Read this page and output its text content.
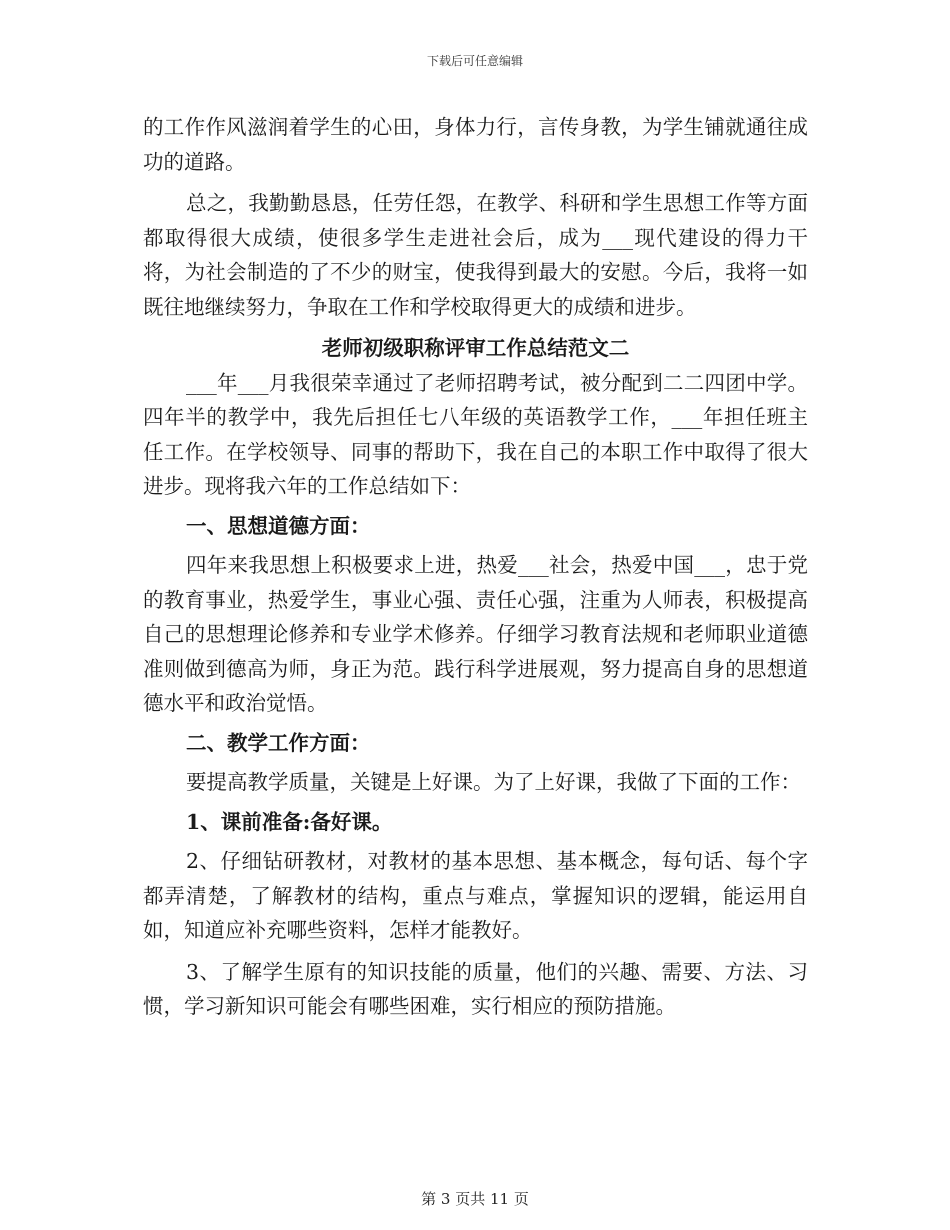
下载后可任意编辑

的工作作风滋润着学生的心田，身体力行，言传身教，为学生铺就通往成功的道路。

总之，我勤勤恳恳，任劳任怨，在教学、科研和学生思想工作等方面都取得很大成绩，使很多学生走进社会后，成为___现代建设的得力干将，为社会制造的了不少的财宝，使我得到最大的安慰。今后，我将一如既往地继续努力，争取在工作和学校取得更大的成绩和进步。

老师初级职称评审工作总结范文二

___年___月我很荣幸通过了老师招聘考试，被分配到二二四团中学。四年半的教学中，我先后担任七八年级的英语教学工作，___年担任班主任工作。在学校领导、同事的帮助下，我在自己的本职工作中取得了很大进步。现将我六年的工作总结如下：

一、思想道德方面：

四年来我思想上积极要求上进，热爱___社会，热爱中国___，忠于党的教育事业，热爱学生，事业心强、责任心强，注重为人师表，积极提高自己的思想理论修养和专业学术修养。仔细学习教育法规和老师职业道德准则做到德高为师，身正为范。践行科学进展观，努力提高自身的思想道德水平和政治觉悟。

二、教学工作方面：

要提高教学质量，关键是上好课。为了上好课，我做了下面的工作：

1、课前准备:备好课。

2、仔细钻研教材，对教材的基本思想、基本概念，每句话、每个字都弄清楚，了解教材的结构，重点与难点，掌握知识的逻辑，能运用自如，知道应补充哪些资料，怎样才能教好。

3、了解学生原有的知识技能的质量，他们的兴趣、需要、方法、习惯，学习新知识可能会有哪些困难，实行相应的预防措施。

第 3 页共 11 页
